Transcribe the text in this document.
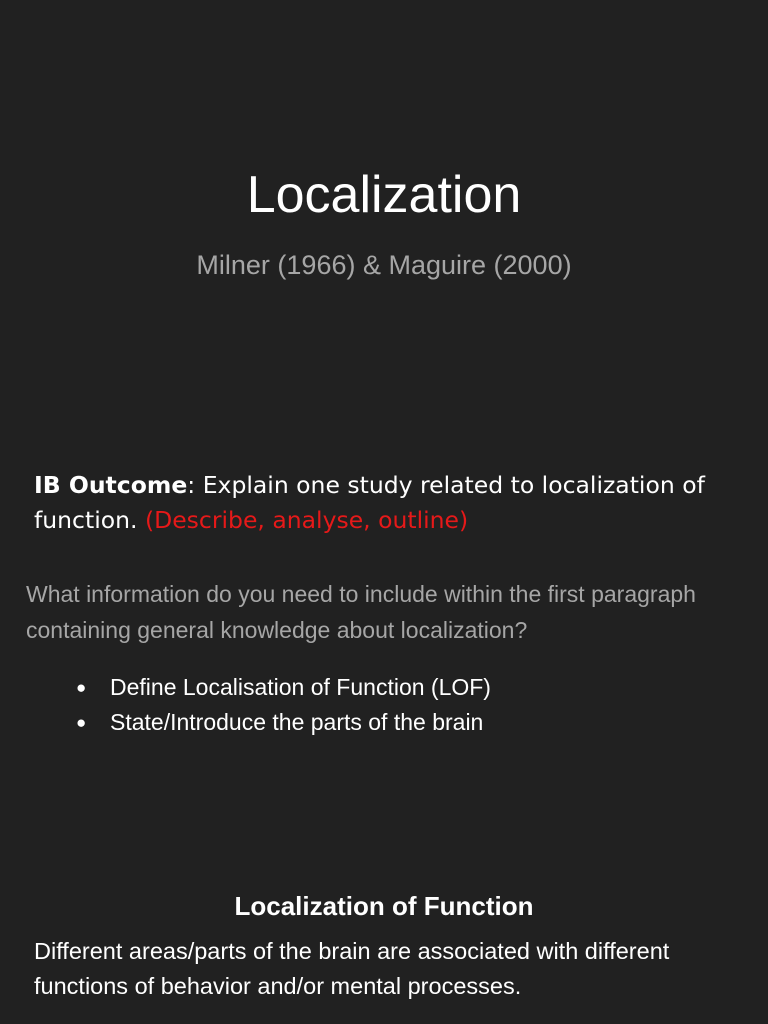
Localization
Milner (1966) & Maguire (2000)
IB Outcome: Explain one study related to localization of function. (Describe, analyse, outline)
What information do you need to include within the first paragraph containing general knowledge about localization?
● Define Localisation of Function (LOF)
● State/Introduce the parts of the brain
Localization of Function
Different areas/parts of the brain are associated with different functions of behavior and/or mental processes.
